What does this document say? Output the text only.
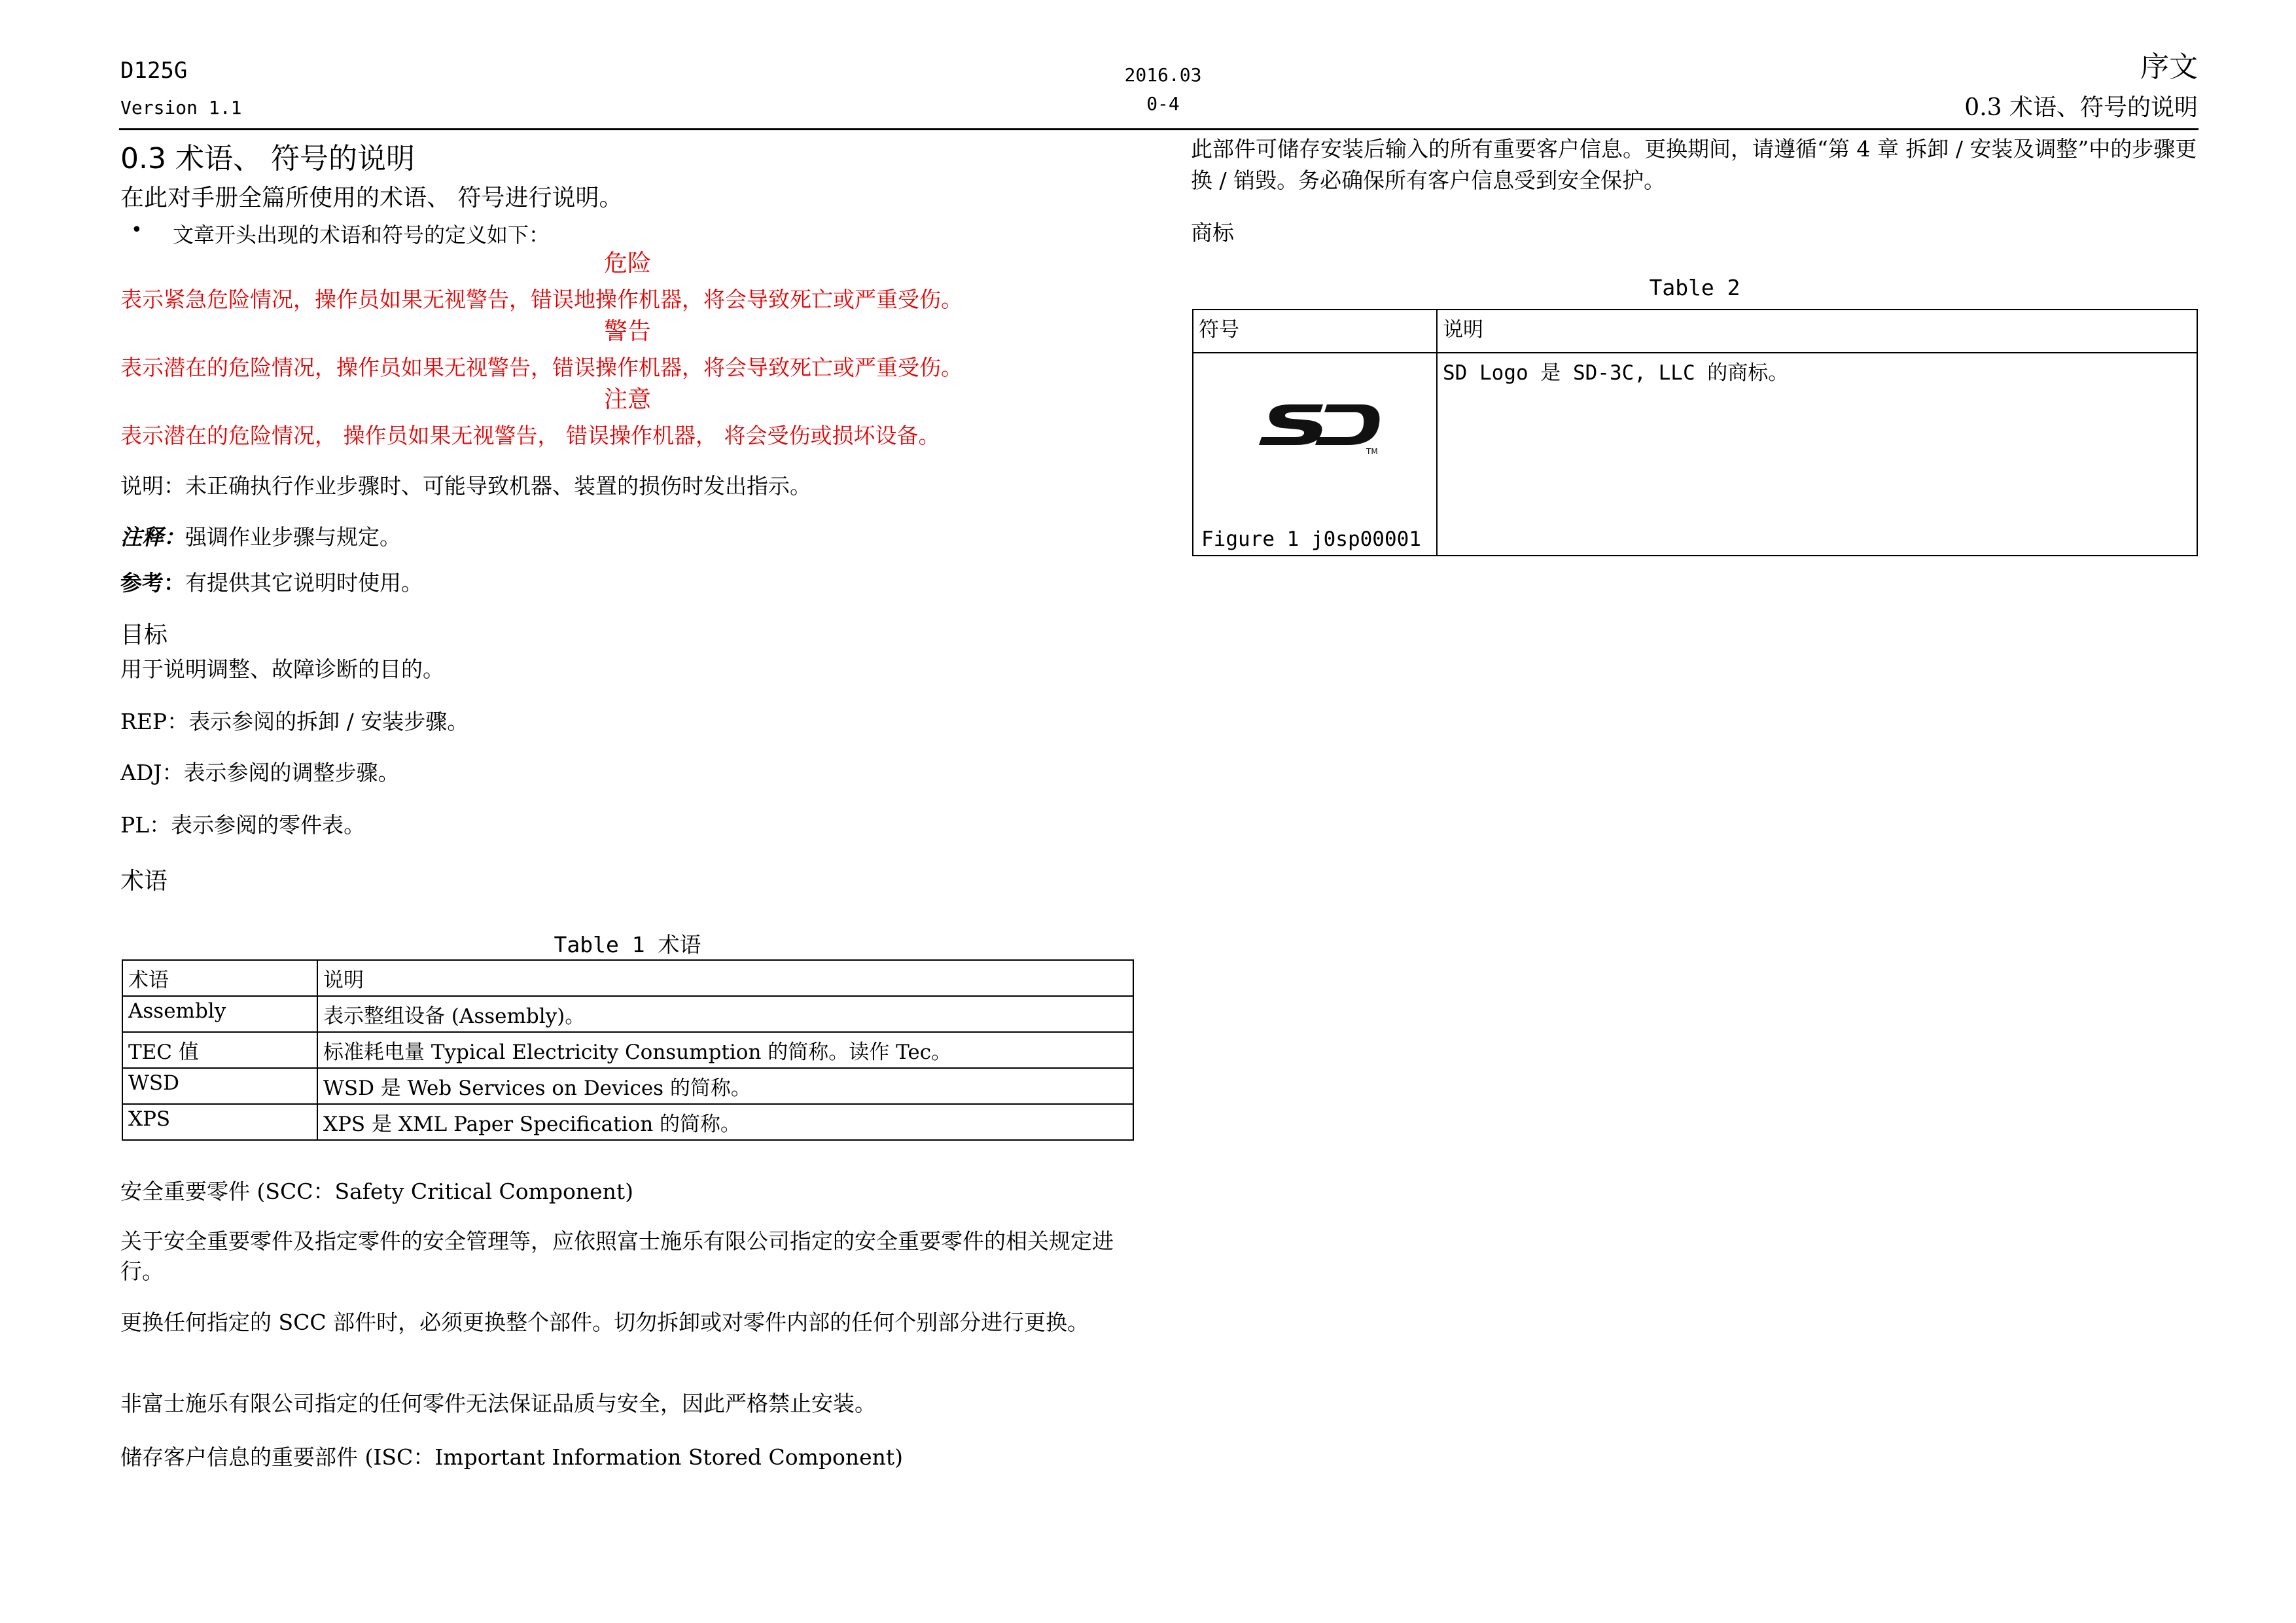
D125G
Version 1.1
2016.03
0-4
序文
0.3 术语、符号的说明
0.3 术语、 符号的说明
在此对手册全篇所使用的术语、 符号进行说明。
• 文章开头出现的术语和符号的定义如下：
危险
表示紧急危险情况，操作员如果无视警告，错误地操作机器，将会导致死亡或严重受伤。
警告
表示潜在的危险情况，操作员如果无视警告，错误操作机器，将会导致死亡或严重受伤。
注意
表示潜在的危险情况， 操作员如果无视警告， 错误操作机器， 将会受伤或损坏设备。
说明：未正确执行作业步骤时、可能导致机器、装置的损伤时发出指示。
注释：强调作业步骤与规定。
参考：有提供其它说明时使用。
目标
用于说明调整、故障诊断的目的。
REP：表示参阅的拆卸 / 安装步骤。
ADJ：表示参阅的调整步骤。
PL：表示参阅的零件表。
术语
Table 1 术语
术语	说明
Assembly	表示整组设备 (Assembly)。
TEC 值	标准耗电量 Typical Electricity Consumption 的简称。读作 Tec。
WSD	WSD 是 Web Services on Devices 的简称。
XPS	XPS 是 XML Paper Specification 的简称。
安全重要零件 (SCC：Safety Critical Component)
关于安全重要零件及指定零件的安全管理等，应依照富士施乐有限公司指定的安全重要零件的相关规定进行。
更换任何指定的 SCC 部件时，必须更换整个部件。切勿拆卸或对零件内部的任何个别部分进行更换。
非富士施乐有限公司指定的任何零件无法保证品质与安全，因此严格禁止安装。
储存客户信息的重要部件 (ISC：Important Information Stored Component)
此部件可储存安装后输入的所有重要客户信息。更换期间，请遵循“第 4 章 拆卸 / 安装及调整”中的步骤更换 / 销毁。务必确保所有客户信息受到安全保护。
商标
Table 2
符号	说明

TM
Figure 1 j0sp00001	SD Logo 是 SD-3C, LLC 的商标。
